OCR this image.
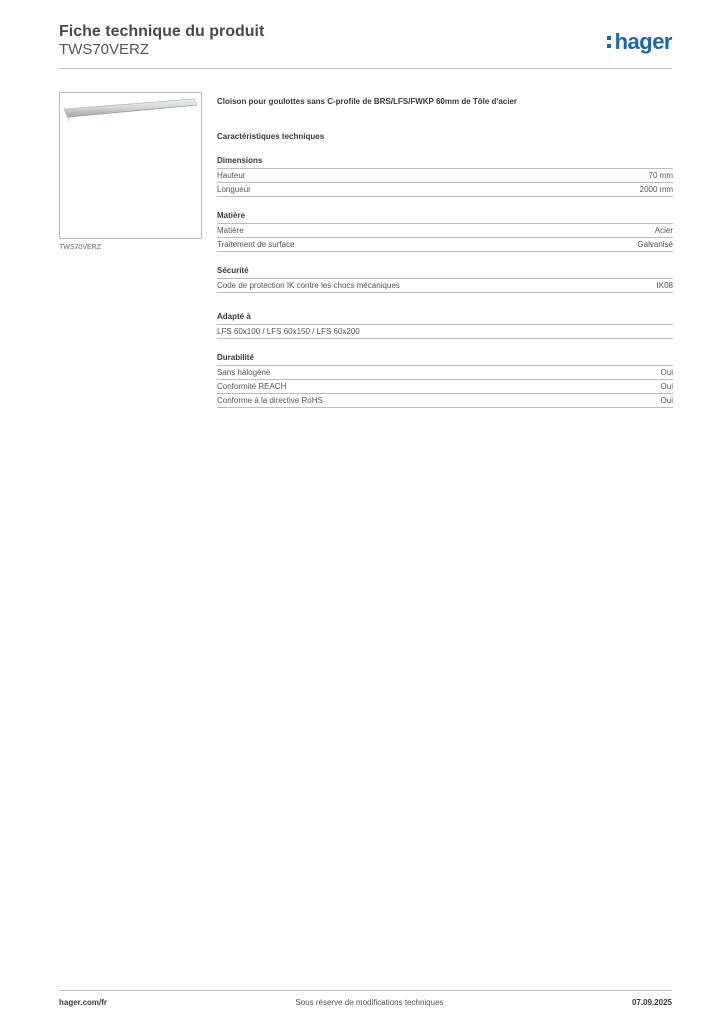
Fiche technique du produit
TWS70VERZ	hager
TWS70VERZ
Cloison pour goulottes sans C-profile de BRS/LFS/FWKP 60mm de Tôle d'acier
Caractéristiques techniques
Dimensions
Hauteur	70 mm
Longueur	2000 mm
Matière
Matière	Acier
Traitement de surface	Galvanisé
Sécurité
Code de protection IK contre les chocs mécaniques	IK08
Adapté à
LFS 60x100 / LFS 60x150 / LFS 60x200
Durabilité
Sans halogène	Oui
Conformité REACH	Oui
Conforme à la directive RoHS	Oui
hager.com/fr	Sous réserve de modifications techniques	07.09.2025
